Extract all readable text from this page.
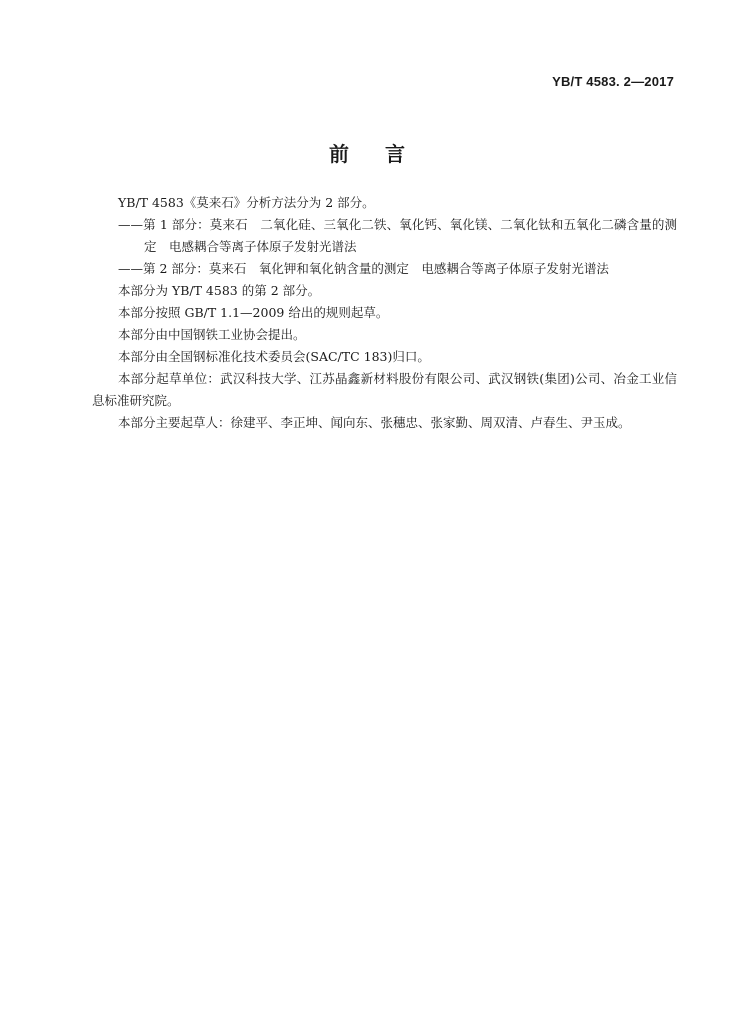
YB/T 4583. 2—2017
前言

YB/T 4583《莫来石》分析方法分为 2 部分。

——第 1 部分：莫来石　二氧化硅、三氧化二铁、氧化钙、氧化镁、二氧化钛和五氧化二磷含量的测定　电感耦合等离子体原子发射光谱法

——第 2 部分：莫来石　氧化钾和氧化钠含量的测定　电感耦合等离子体原子发射光谱法

本部分为 YB/T 4583 的第 2 部分。

本部分按照 GB/T 1.1—2009 给出的规则起草。

本部分由中国钢铁工业协会提出。

本部分由全国钢标准化技术委员会(SAC/TC 183)归口。

本部分起草单位：武汉科技大学、江苏晶鑫新材料股份有限公司、武汉钢铁(集团)公司、冶金工业信息标准研究院。

本部分主要起草人：徐建平、李正坤、闻向东、张穗忠、张家勤、周双清、卢春生、尹玉成。
